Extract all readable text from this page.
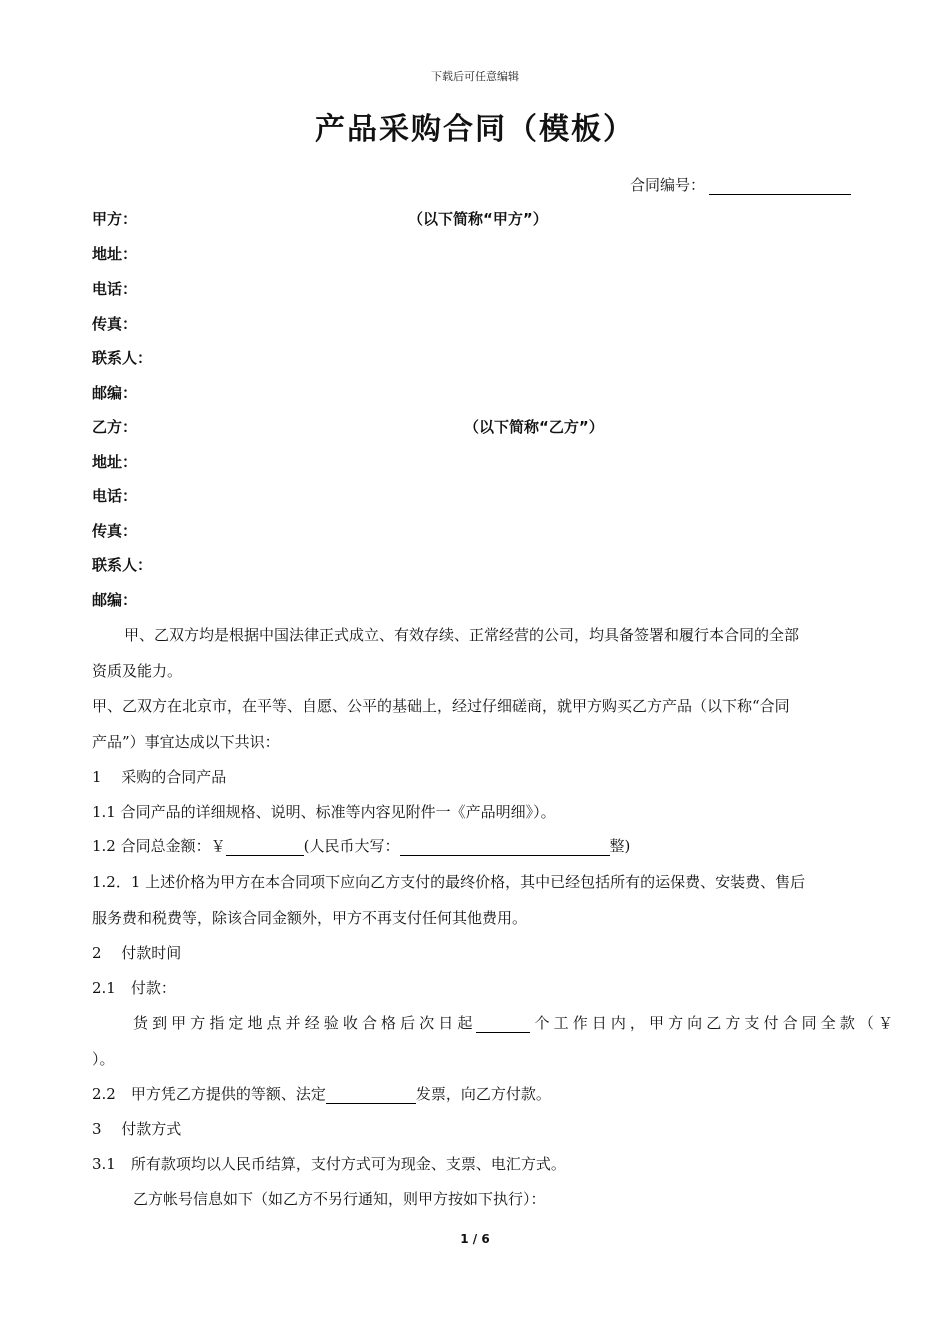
下载后可任意编辑
产品采购合同（模板）
合同编号：
甲方：	（以下简称“甲方”）
地址：
电话：
传真：
联系人：
邮编：
乙方：	（以下简称“乙方”）
地址：
电话：
传真：
联系人：
邮编：
甲、乙双方均是根据中国法律正式成立、有效存续、正常经营的公司，均具备签署和履行本合同的全部
资质及能力。
甲、乙双方在北京市，在平等、自愿、公平的基础上，经过仔细磋商，就甲方购买乙方产品（以下称“合同
产品”）事宜达成以下共识：
1　 采购的合同产品
1.1 合同产品的详细规格、说明、标准等内容见附件一《产品明细》）。
1.2 合同总金额：￥	(人民币大写：	整)
1.2．1 上述价格为甲方在本合同项下应向乙方支付的最终价格，其中已经包括所有的运保费、安装费、售后
服务费和税费等，除该合同金额外，甲方不再支付任何其他费用。
2　 付款时间
2.1　付款：
货到甲方指定地点并经验收合格后次日起	个工作日内，甲方向乙方支付合同全款（￥
）。
2.2　甲方凭乙方提供的等额、法定	发票，向乙方付款。
3　 付款方式
3.1　所有款项均以人民币结算，支付方式可为现金、支票、电汇方式。
乙方帐号信息如下（如乙方不另行通知，则甲方按如下执行）：
1 / 6
